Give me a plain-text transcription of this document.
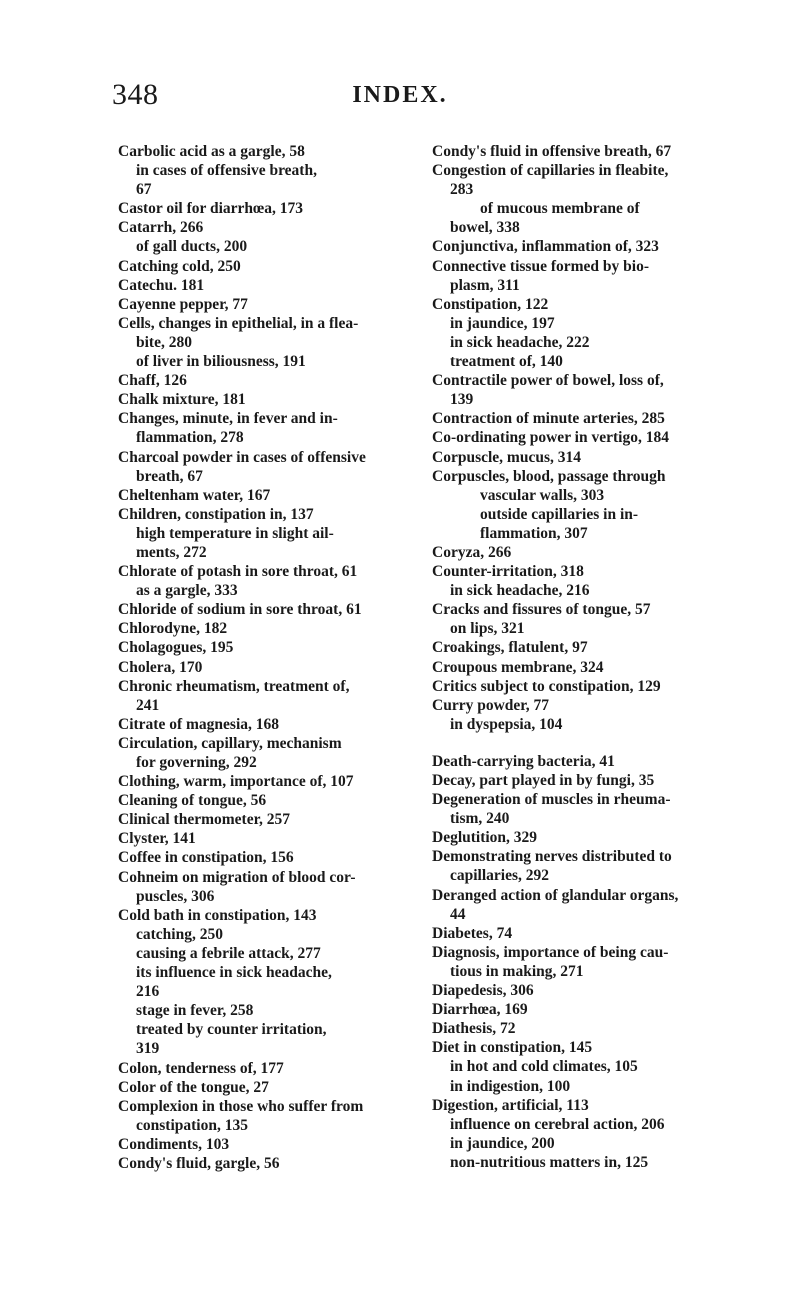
348	INDEX.
Carbolic acid as a gargle, 58
in cases of offensive breath,
67
Castor oil for diarrhœa, 173
Catarrh, 266
of gall ducts, 200
Catching cold, 250
Catechu. 181
Cayenne pepper, 77
Cells, changes in epithelial, in a flea-
bite, 280
of liver in biliousness, 191
Chaff, 126
Chalk mixture, 181
Changes, minute, in fever and in-
flammation, 278
Charcoal powder in cases of offensive
breath, 67
Cheltenham water, 167
Children, constipation in, 137
high temperature in slight ail-
ments, 272
Chlorate of potash in sore throat, 61
as a gargle, 333
Chloride of sodium in sore throat, 61
Chlorodyne, 182
Cholagogues, 195
Cholera, 170
Chronic rheumatism, treatment of,
241
Citrate of magnesia, 168
Circulation, capillary, mechanism
for governing, 292
Clothing, warm, importance of, 107
Cleaning of tongue, 56
Clinical thermometer, 257
Clyster, 141
Coffee in constipation, 156
Cohneim on migration of blood cor-
puscles, 306
Cold bath in constipation, 143
catching, 250
causing a febrile attack, 277
its influence in sick headache,
216
stage in fever, 258
treated by counter irritation,
319
Colon, tenderness of, 177
Color of the tongue, 27
Complexion in those who suffer from
constipation, 135
Condiments, 103
Condy's fluid, gargle, 56
Condy's fluid in offensive breath, 67
Congestion of capillaries in fleabite,
283
of mucous membrane of
bowel, 338
Conjunctiva, inflammation of, 323
Connective tissue formed by bio-
plasm, 311
Constipation, 122
in jaundice, 197
in sick headache, 222
treatment of, 140
Contractile power of bowel, loss of,
139
Contraction of minute arteries, 285
Co-ordinating power in vertigo, 184
Corpuscle, mucus, 314
Corpuscles, blood, passage through
vascular walls, 303
outside capillaries in in-
flammation, 307
Coryza, 266
Counter-irritation, 318
in sick headache, 216
Cracks and fissures of tongue, 57
on lips, 321
Croakings, flatulent, 97
Croupous membrane, 324
Critics subject to constipation, 129
Curry powder, 77
in dyspepsia, 104
Death-carrying bacteria, 41
Decay, part played in by fungi, 35
Degeneration of muscles in rheuma-
tism, 240
Deglutition, 329
Demonstrating nerves distributed to
capillaries, 292
Deranged action of glandular organs,
44
Diabetes, 74
Diagnosis, importance of being cau-
tious in making, 271
Diapedesis, 306
Diarrhœa, 169
Diathesis, 72
Diet in constipation, 145
in hot and cold climates, 105
in indigestion, 100
Digestion, artificial, 113
influence on cerebral action, 206
in jaundice, 200
non-nutritious matters in, 125
